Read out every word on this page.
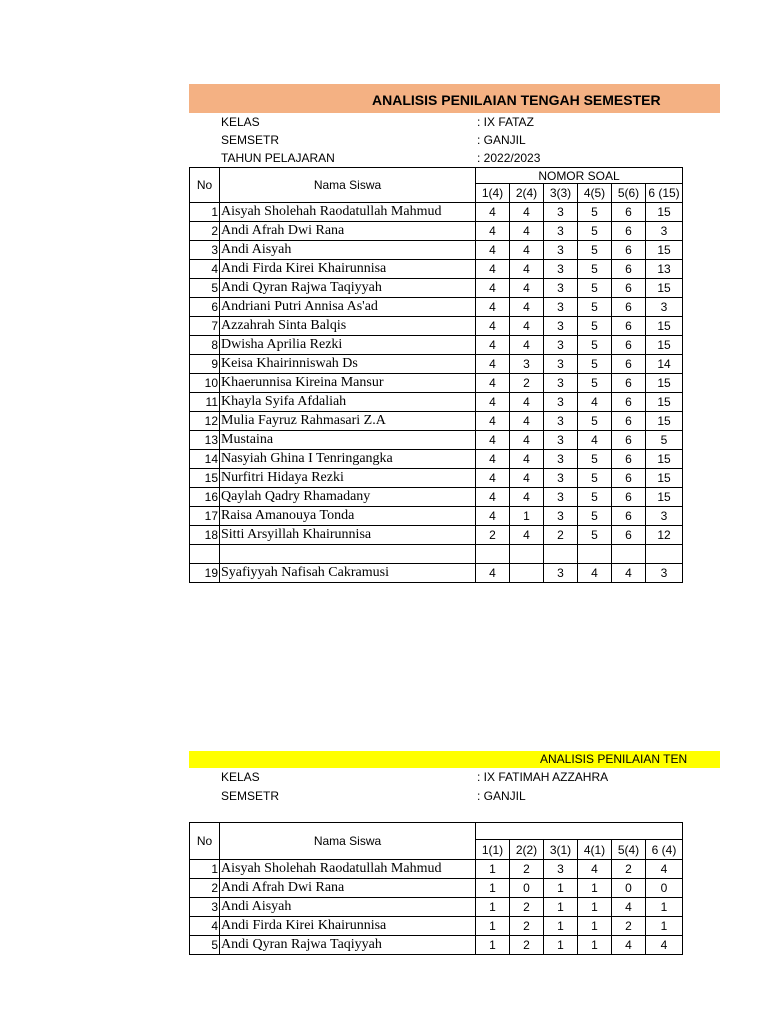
ANALISIS PENILAIAN TENGAH SEMESTER
KELAS	: IX FATAZ
SEMSETR	: GANJIL
TAHUN PELAJARAN	: 2022/2023
No	Nama Siswa	NOMOR SOAL					
		1(4)	2(4)	3(3)	4(5)	5(6)	6 (15)
1	Aisyah Sholehah Raodatullah Mahmud	4	4	3	5	6	15
2	Andi Afrah Dwi Rana	4	4	3	5	6	3
3	Andi Aisyah	4	4	3	5	6	15
4	Andi Firda Kirei Khairunnisa	4	4	3	5	6	13
5	Andi Qyran Rajwa Taqiyyah	4	4	3	5	6	15
6	Andriani Putri Annisa As'ad	4	4	3	5	6	3
7	Azzahrah Sinta Balqis	4	4	3	5	6	15
8	Dwisha Aprilia Rezki	4	4	3	5	6	15
9	Keisa Khairinniswah Ds	4	3	3	5	6	14
10	Khaerunnisa Kireina Mansur	4	2	3	5	6	15
11	Khayla Syifa Afdaliah	4	4	3	4	6	15
12	Mulia Fayruz Rahmasari Z.A	4	4	3	5	6	15
13	Mustaina	4	4	3	4	6	5
14	Nasyiah Ghina I Tenringangka	4	4	3	5	6	15
15	Nurfitri Hidaya Rezki	4	4	3	5	6	15
16	Qaylah Qadry Rhamadany	4	4	3	5	6	15
17	Raisa Amanouya Tonda	4	1	3	5	6	3
18	Sitti Arsyillah Khairunnisa	2	4	2	5	6	12

19	Syafiyyah Nafisah Cakramusi	4		3	4	4	3
ANALISIS PENILAIAN TEN
KELAS	: IX FATIMAH AZZAHRA
SEMSETR	: GANJIL
No	Nama Siswa						
		1(1)	2(2)	3(1)	4(1)	5(4)	6 (4)
1	Aisyah Sholehah Raodatullah Mahmud	1	2	3	4	2	4
2	Andi Afrah Dwi Rana	1	0	1	1	0	0
3	Andi Aisyah	1	2	1	1	4	1
4	Andi Firda Kirei Khairunnisa	1	2	1	1	2	1
5	Andi Qyran Rajwa Taqiyyah	1	2	1	1	4	4
